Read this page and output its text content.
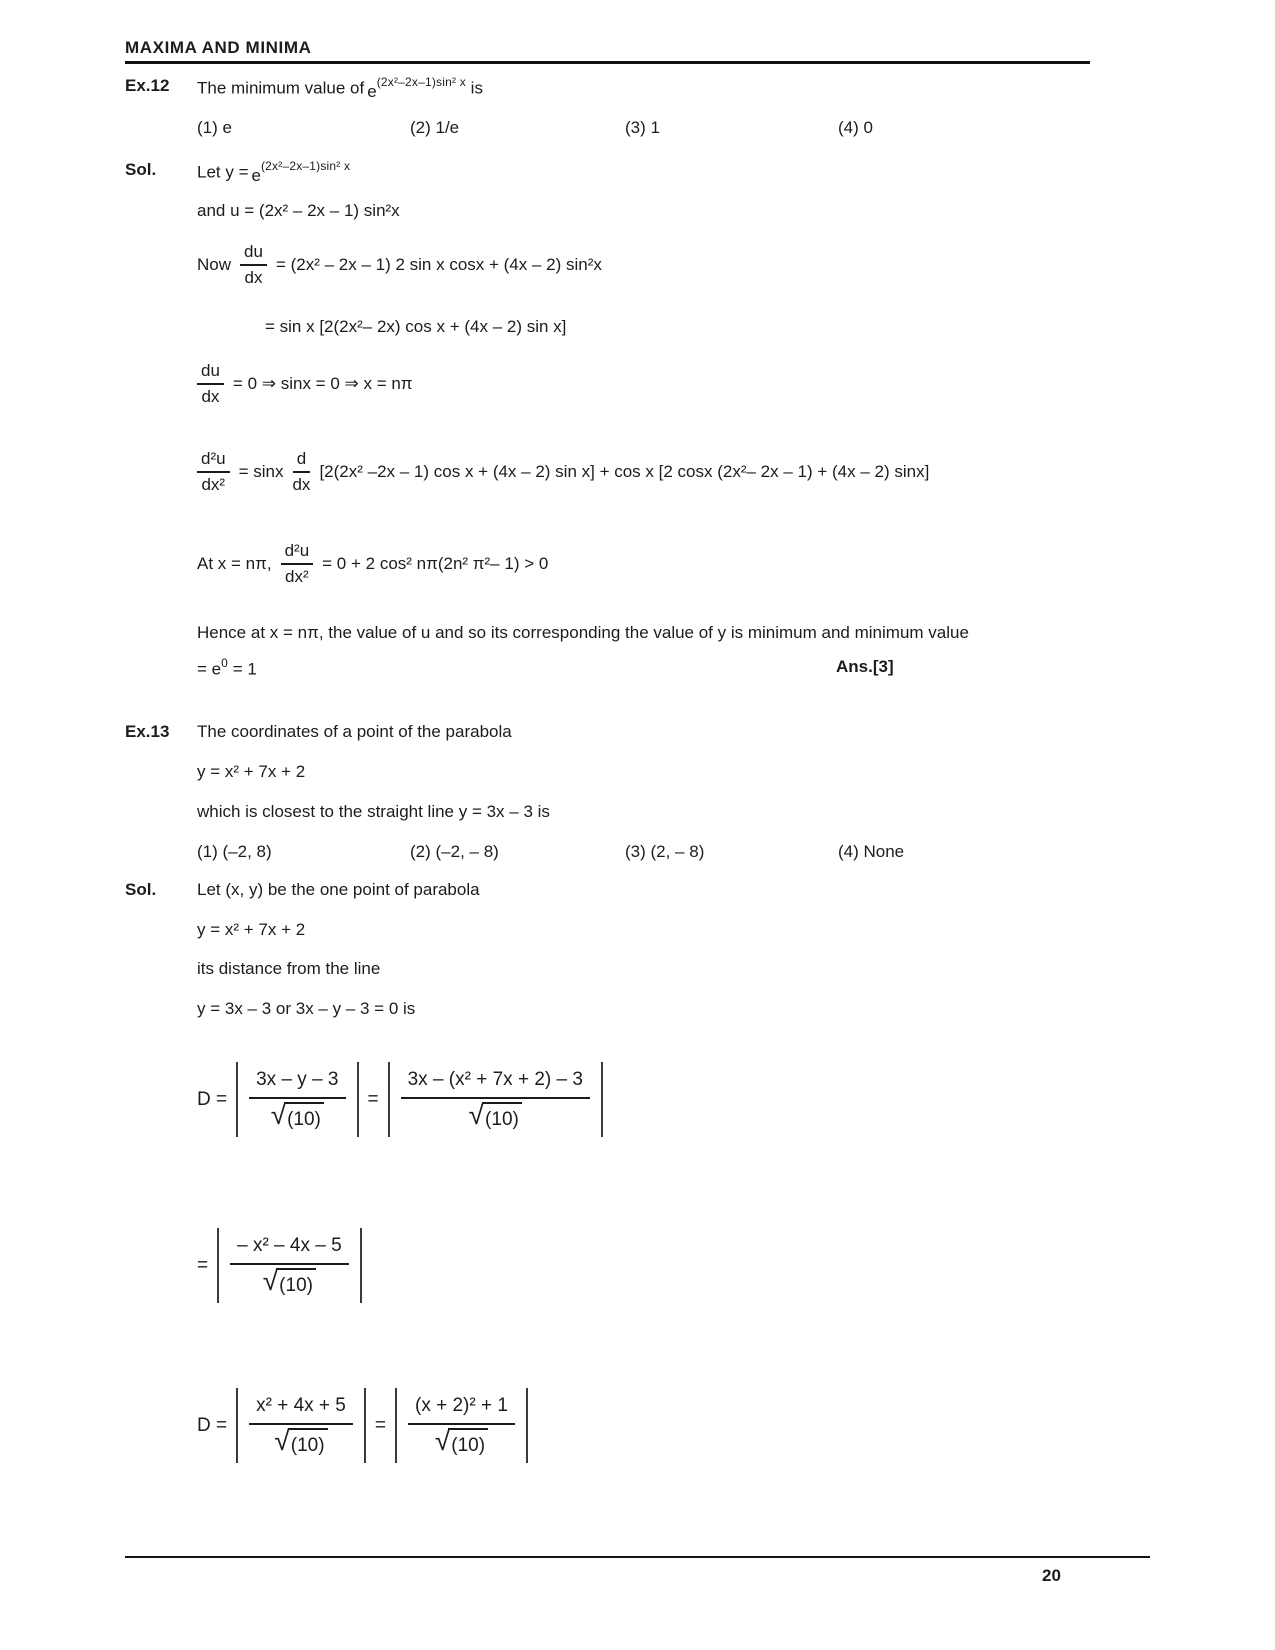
MAXIMA AND MINIMA
Ex.12 The minimum value of $e^{(2x^2-2x-1)sin^2 x}$ is
(1) e	(2) 1/e	(3) 1	(4) 0
Sol. Let $y = e^{(2x^2-2x-1)sin^2 x}$
and u = (2x² – 2x – 1) sin²x
Now $\frac{du}{dx} = (2x^2 - 2x - 1)$ 2 sin x cosx + (4x – 2) sin²x
= sin x [2(2x²– 2x) cos x + (4x – 2) sin x]
$\frac{du}{dx} = 0$ ⇒ sinx = 0 ⇒ x = nπ
$\frac{\text{d²u}}{\text{dx²}} = \sin x \frac{d}{dx} [2(2x^2$ –2x – 1) cos x + (4x – 2) sin x] + cos x [2 cosx (2x²– 2x – 1) + (4x – 2) sinx]
At x = nπ, $\frac{\text{d²u}}{\text{dx²}} = 0 + 2$ cos² nπ(2n² π²– 1) > 0
Hence at x = nπ, the value of u and so its corresponding the value of y is minimum and minimum value
= $e^0 = 1$	Ans.[3]
Ex.13 The coordinates of a point of the parabola
y = x² + 7x + 2
which is closest to the straight line y = 3x – 3 is
(1) (–2, 8)	(2) (–2, – 8)	(3) (2, – 8)	(4) None
Sol. Let (x, y) be the one point of parabola
y = x² + 7x + 2
its distance from the line
y = 3x – 3 or 3x – y – 3 = 0 is
$D = \frac{3x - y - 3}{√ (10)} = \frac{\text{3x – (x² + 7x + 2) – 3}}{√ (10)}$
= $\frac{\text{– x² – 4x – 5}}{√ (10)}$
$D = \frac{\text{x² + 4x + 5}}{√ (10)} = \frac{\text{(x + 2)² + 1}}{√ (10)}$
20
